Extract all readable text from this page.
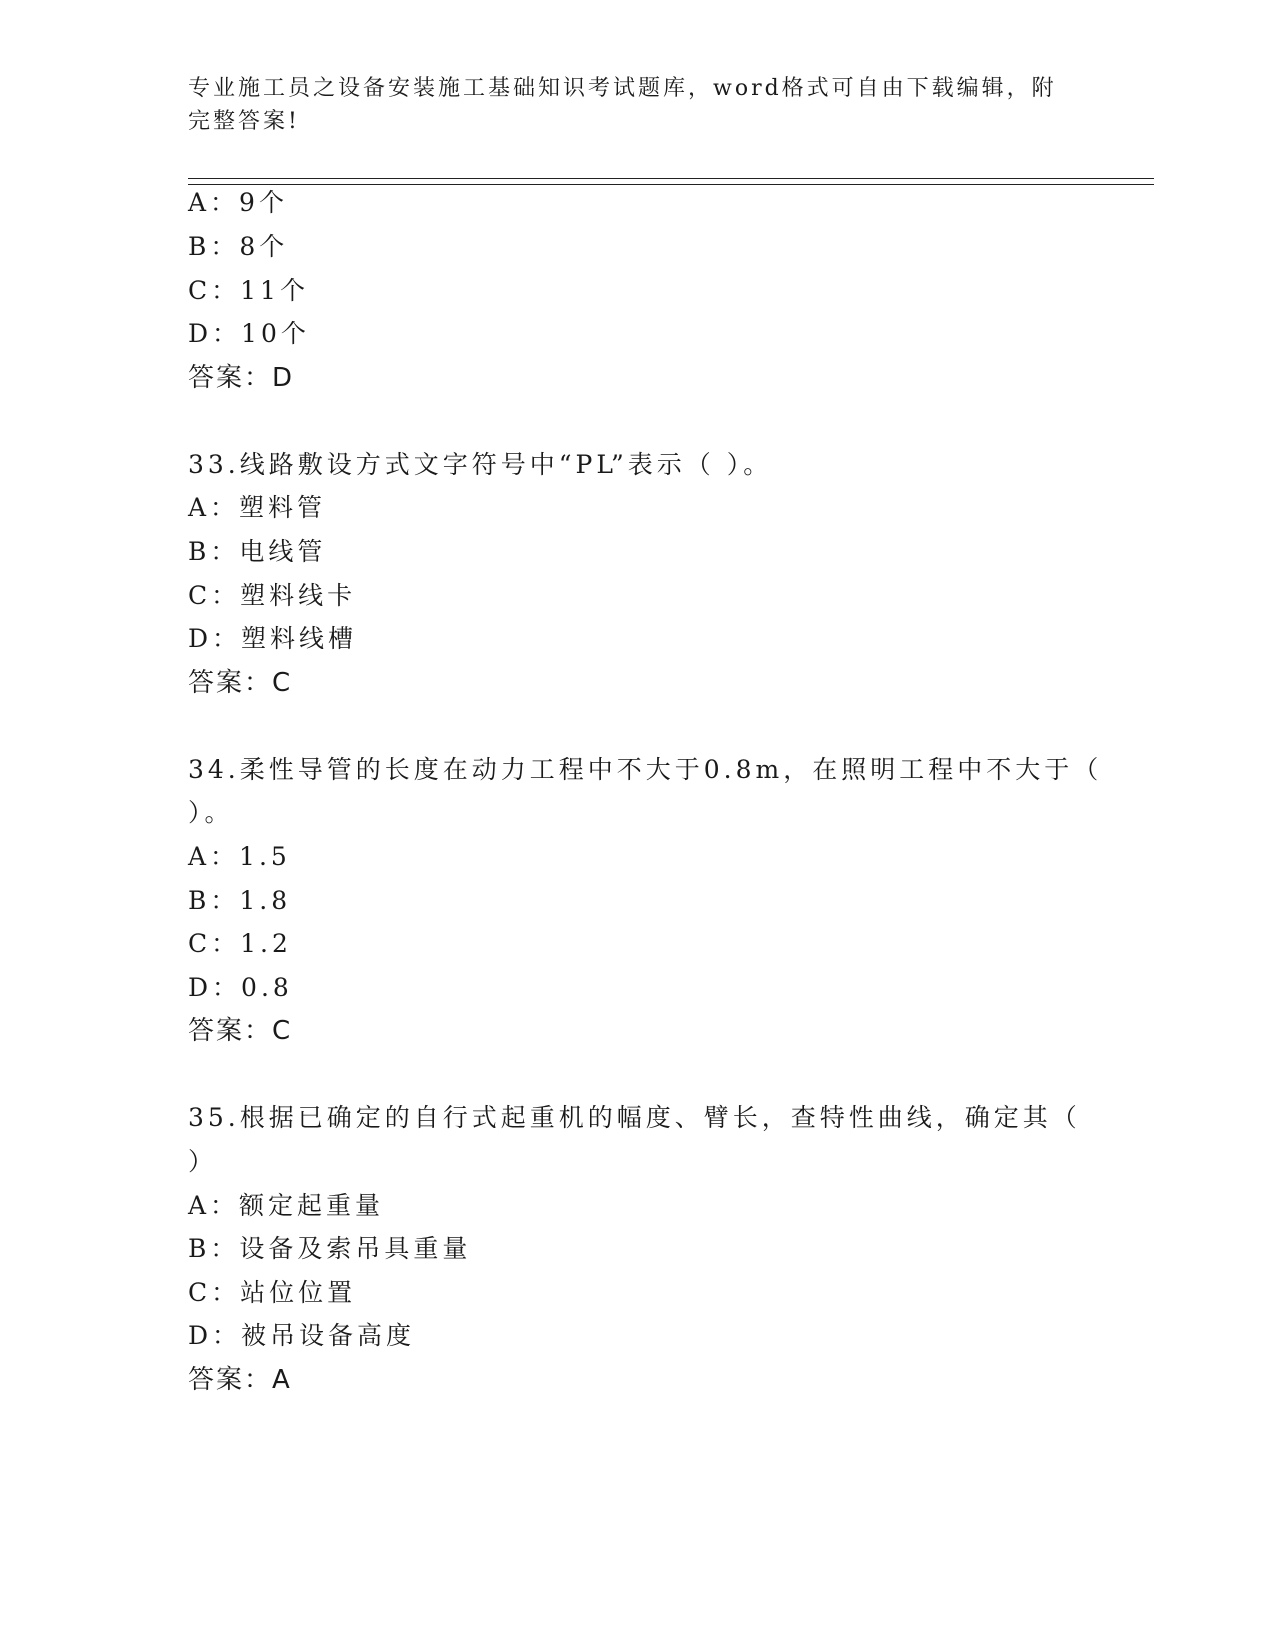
专业施工员之设备安装施工基础知识考试题库，word格式可自由下载编辑，附完整答案!
A：9个
B：8个
C：11个
D：10个
答案：D
33.线路敷设方式文字符号中“PL”表示（ ）。
A：塑料管
B：电线管
C：塑料线卡
D：塑料线槽
答案：C
34.柔性导管的长度在动力工程中不大于0.8m，在照明工程中不大于（
）。
A：1.5
B：1.8
C：1.2
D：0.8
答案：C
35.根据已确定的自行式起重机的幅度、臂长，查特性曲线，确定其（
）
A：额定起重量
B：设备及索吊具重量
C：站位位置
D：被吊设备高度
答案：A
